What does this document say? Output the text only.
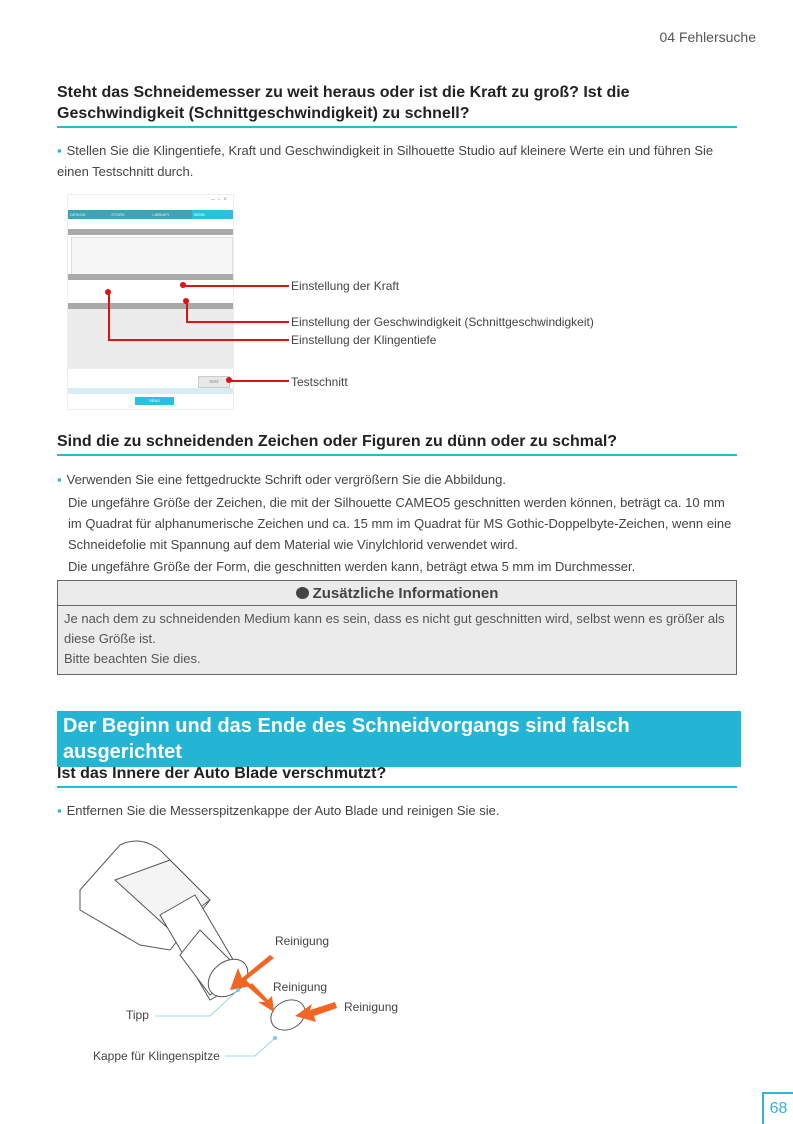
04 Fehlersuche
Steht das Schneidemesser zu weit heraus oder ist die Kraft zu groß? Ist die Geschwindigkeit (Schnittgeschwindigkeit) zu schnell?
▪ Stellen Sie die Klingentiefe, Kraft und Geschwindigkeit in Silhouette Studio auf kleinere Werte ein und führen Sie einen Testschnitt durch.
–  ▫  ×
DESIGN	STORE	LIBRARY	SEND
TEST
SEND
Einstellung der Kraft
Einstellung der Geschwindigkeit (Schnittgeschwindigkeit)
Einstellung der Klingentiefe
Testschnitt
Sind die zu schneidenden Zeichen oder Figuren zu dünn oder zu schmal?
▪ Verwenden Sie eine fettgedruckte Schrift oder vergrößern Sie die Abbildung.
Die ungefähre Größe der Zeichen, die mit der Silhouette CAMEO5 geschnitten werden können, beträgt ca. 10 mm im Quadrat für alphanumerische Zeichen und ca. 15 mm im Quadrat für MS Gothic-Doppelbyte-Zeichen, wenn eine Schneidefolie mit Spannung auf dem Material wie Vinylchlorid verwendet wird.
Die ungefähre Größe der Form, die geschnitten werden kann, beträgt etwa 5 mm im Durchmesser.
Zusätzliche Informationen
Je nach dem zu schneidenden Medium kann es sein, dass es nicht gut geschnitten wird, selbst wenn es größer als diese Größe ist.
Bitte beachten Sie dies.
Der Beginn und das Ende des Schneidvorgangs sind falsch ausgerichtet
Ist das Innere der Auto Blade verschmutzt?
▪ Entfernen Sie die Messerspitzenkappe der Auto Blade und reinigen Sie sie.
Reinigung
Reinigung
Reinigung
Tipp
Kappe für Klingenspitze
68
